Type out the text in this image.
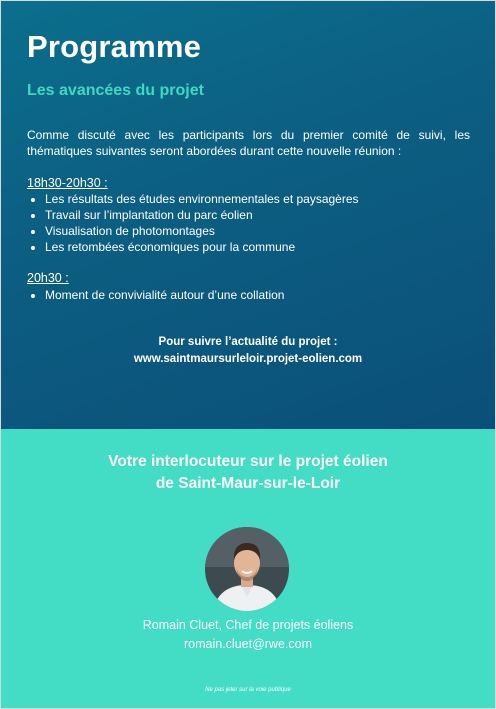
Programme
Les avancées du projet
Comme discuté avec les participants lors du premier comité de suivi, les thématiques suivantes seront abordées durant cette nouvelle réunion :
18h30-20h30 :
• Les résultats des études environnementales et paysagères
• Travail sur l’implantation du parc éolien
• Visualisation de photomontages
• Les retombées économiques pour la commune
20h30 :
• Moment de convivialité autour d’une collation
Pour suivre l’actualité du projet :
www.saintmaursurleloir.projet-eolien.com
Votre interlocuteur sur le projet éolien
de Saint-Maur-sur-le-Loir
Romain Cluet, Chef de projets éoliens
romain.cluet@rwe.com
Ne pas jeter sur la voie publique
